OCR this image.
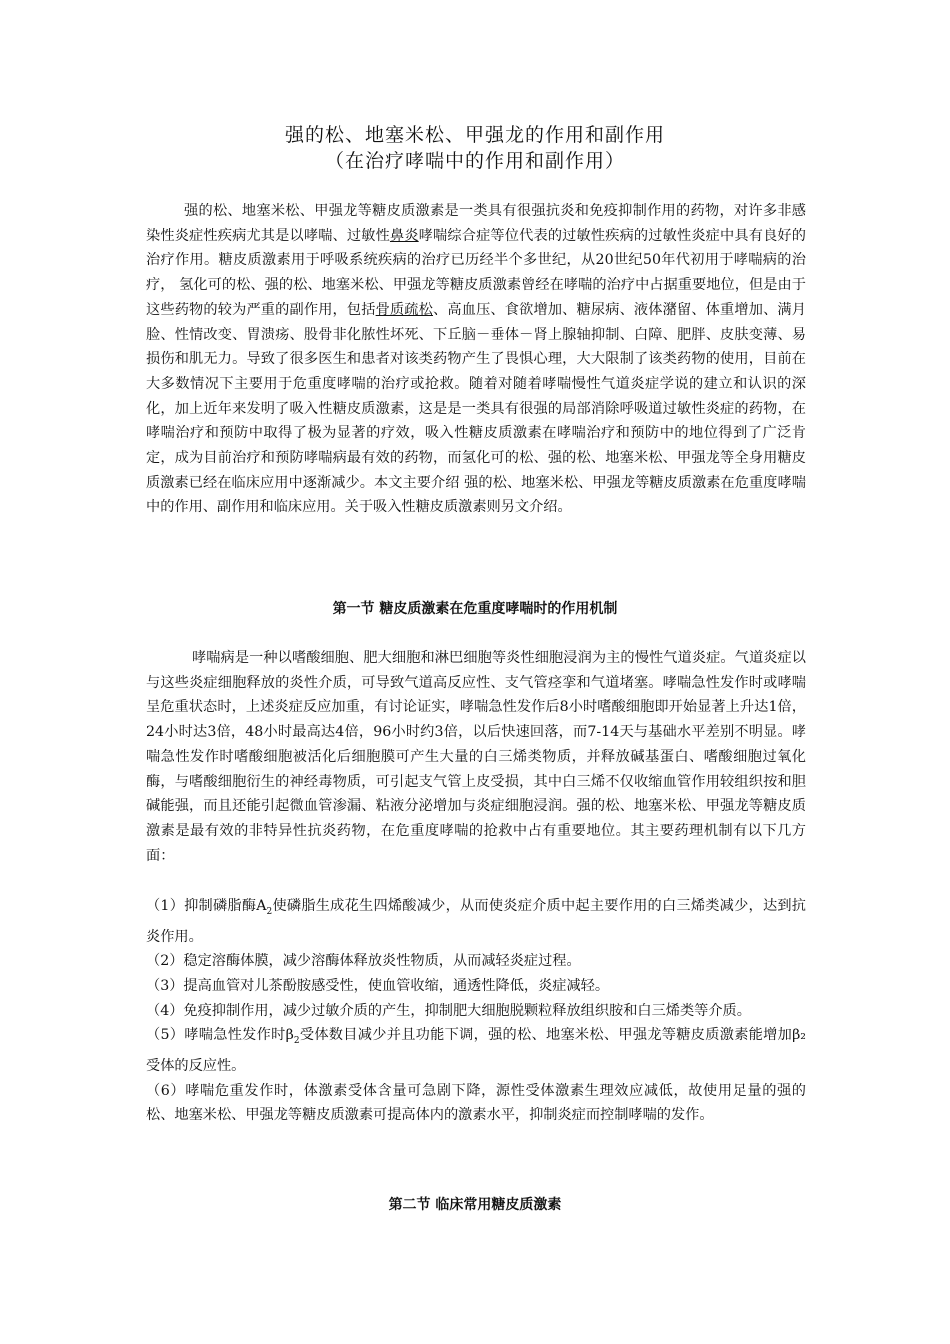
强的松、地塞米松、甲强龙的作用和副作用
（在治疗哮喘中的作用和副作用）

强的松、地塞米松、甲强龙等糖皮质激素是一类具有很强抗炎和免疫抑制作用的药物，对许多非感染性炎症性疾病尤其是以哮喘、过敏性鼻炎哮喘综合症等位代表的过敏性疾病的过敏性炎症中具有良好的治疗作用。糖皮质激素用于呼吸系统疾病的治疗已历经半个多世纪，从20世纪50年代初用于哮喘病的治疗， 氢化可的松、强的松、地塞米松、甲强龙等糖皮质激素曾经在哮喘的治疗中占据重要地位，但是由于这些药物的较为严重的副作用，包括骨质疏松、高血压、食欲增加、糖尿病、液体潴留、体重增加、满月脸、性情改变、胃溃疡、股骨非化脓性坏死、下丘脑－垂体－肾上腺轴抑制、白障、肥胖、皮肤变薄、易损伤和肌无力。导致了很多医生和患者对该类药物产生了畏惧心理，大大限制了该类药物的使用，目前在大多数情况下主要用于危重度哮喘的治疗或抢救。随着对随着哮喘慢性气道炎症学说的建立和认识的深化，加上近年来发明了吸入性糖皮质激素，这是是一类具有很强的局部消除呼吸道过敏性炎症的药物，在哮喘治疗和预防中取得了极为显著的疗效，吸入性糖皮质激素在哮喘治疗和预防中的地位得到了广泛肯定，成为目前治疗和预防哮喘病最有效的药物，而氢化可的松、强的松、地塞米松、甲强龙等全身用糖皮质激素已经在临床应用中逐渐减少。本文主要介绍 强的松、地塞米松、甲强龙等糖皮质激素在危重度哮喘中的作用、副作用和临床应用。关于吸入性糖皮质激素则另文介绍。

第一节 糖皮质激素在危重度哮喘时的作用机制

哮喘病是一种以嗜酸细胞、肥大细胞和淋巴细胞等炎性细胞浸润为主的慢性气道炎症。气道炎症以与这些炎症细胞释放的炎性介质，可导致气道高反应性、支气管痉挛和气道堵塞。哮喘急性发作时或哮喘呈危重状态时，上述炎症反应加重，有讨论证实，哮喘急性发作后8小时嗜酸细胞即开始显著上升达1倍，24小时达3倍，48小时最高达4倍，96小时约3倍，以后快速回落，而7-14天与基础水平差别不明显。哮喘急性发作时嗜酸细胞被活化后细胞膜可产生大量的白三烯类物质，并释放碱基蛋白、嗜酸细胞过氧化酶，与嗜酸细胞衍生的神经毒物质，可引起支气管上皮受损，其中白三烯不仅收缩血管作用较组织按和胆碱能强，而且还能引起微血管渗漏、粘液分泌增加与炎症细胞浸润。强的松、地塞米松、甲强龙等糖皮质激素是最有效的非特异性抗炎药物，在危重度哮喘的抢救中占有重要地位。其主要药理机制有以下几方面：

（1）抑制磷脂酶$A_2$使磷脂生成花生四烯酸减少，从而使炎症介质中起主要作用的白三烯类减少，达到抗炎作用。

（2）稳定溶酶体膜，减少溶酶体释放炎性物质，从而减轻炎症过程。

（3）提高血管对儿茶酚胺感受性，使血管收缩，通透性降低，炎症减轻。

（4）免疫抑制作用，减少过敏介质的产生，抑制肥大细胞脱颗粒释放组织胺和白三烯类等介质。

（5）哮喘急性发作时$\beta_2$受体数目减少并且功能下调，强的松、地塞米松、甲强龙等糖皮质激素能增加β₂受体的反应性。

（6）哮喘危重发作时，体激素受体含量可急剧下降，源性受体激素生理效应减低，故使用足量的强的松、地塞米松、甲强龙等糖皮质激素可提高体内的激素水平，抑制炎症而控制哮喘的发作。

第二节 临床常用糖皮质激素
